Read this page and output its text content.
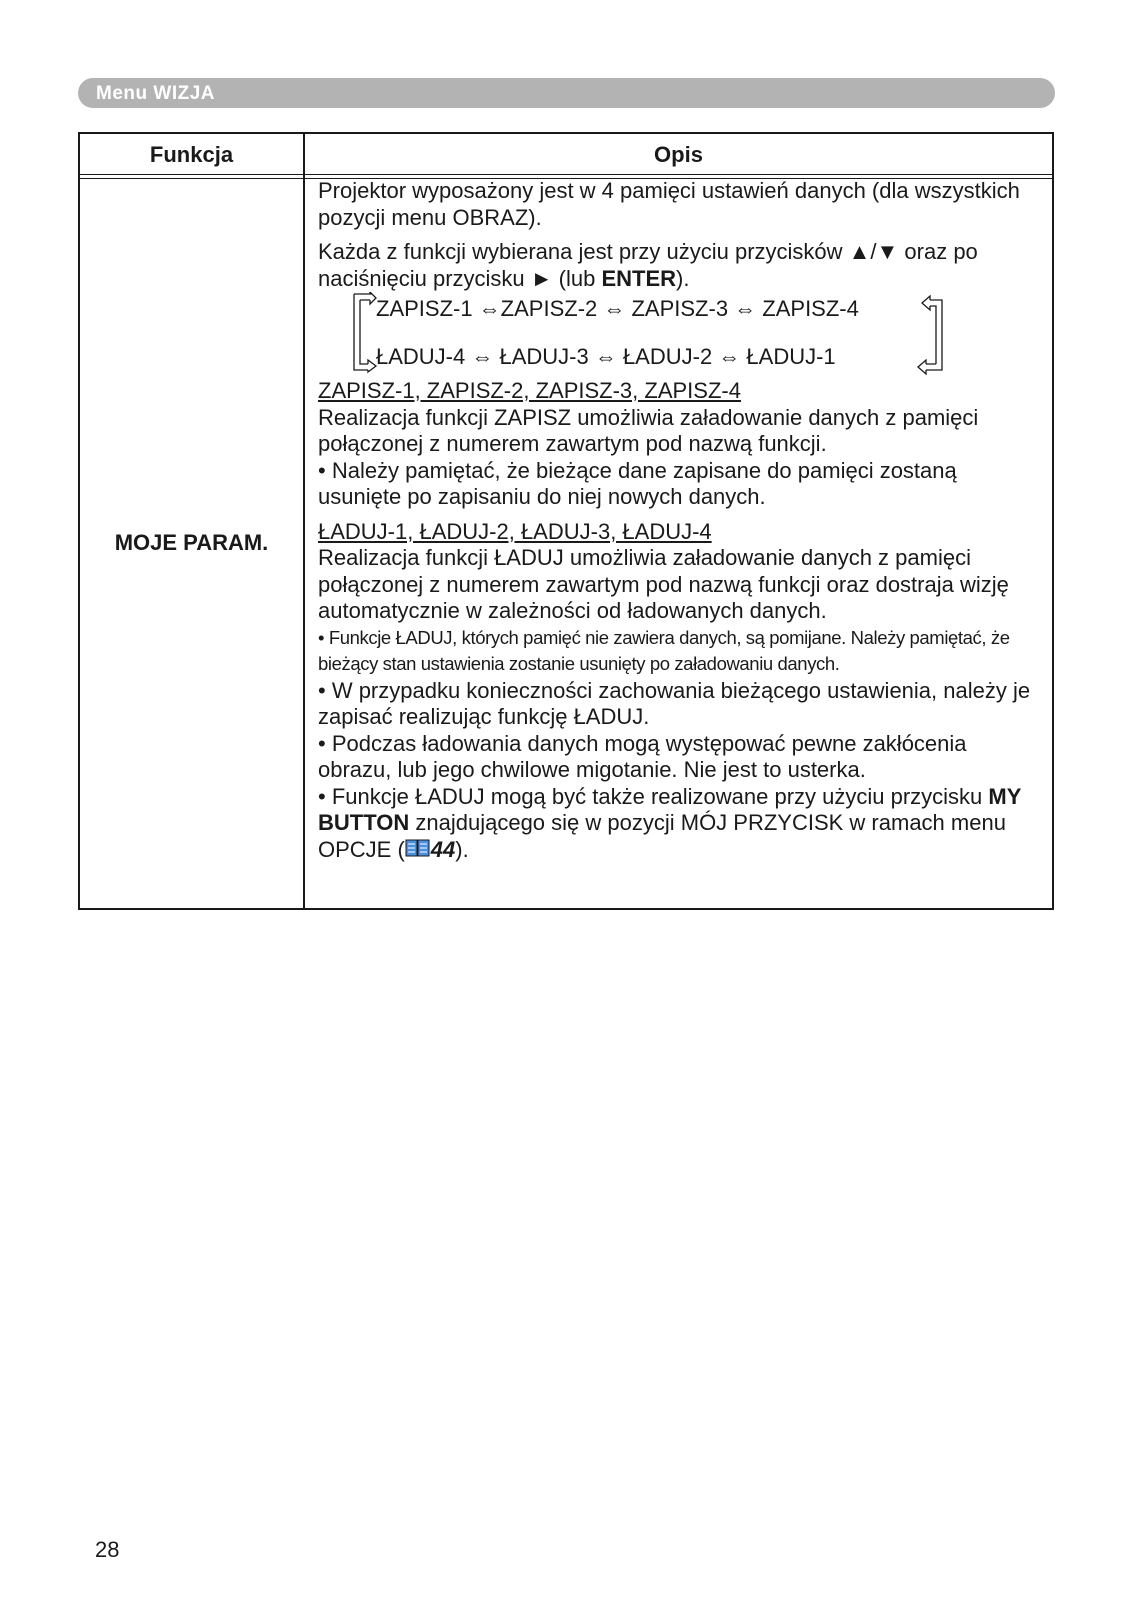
Menu WIZJA
Funkcja	Opis
MOJE PARAM.

Projektor wyposażony jest w 4 pamięci ustawień danych (dla wszystkich pozycji menu OBRAZ).

Każda z funkcji wybierana jest przy użyciu przycisków ▲/▼ oraz po naciśnięciu przycisku ► (lub ENTER).

ZAPISZ-1 ⇔ZAPISZ-2 ⇔ ZAPISZ-3 ⇔ ZAPISZ-4
ŁADUJ-4 ⇔ ŁADUJ-3 ⇔ ŁADUJ-2 ⇔ ŁADUJ-1

ZAPISZ-1, ZAPISZ-2, ZAPISZ-3, ZAPISZ-4

Realizacja funkcji ZAPISZ umożliwia załadowanie danych z pamięci połączonej z numerem zawartym pod nazwą funkcji.

• Należy pamiętać, że bieżące dane zapisane do pamięci zostaną usunięte po zapisaniu do niej nowych danych.

ŁADUJ-1, ŁADUJ-2, ŁADUJ-3, ŁADUJ-4

Realizacja funkcji ŁADUJ umożliwia załadowanie danych z pamięci połączonej z numerem zawartym pod nazwą funkcji oraz dostraja wizję automatycznie w zależności od ładowanych danych.

• Funkcje ŁADUJ, których pamięć nie zawiera danych, są pomijane. Należy pamiętać, że bieżący stan ustawienia zostanie usunięty po załadowaniu danych.

• W przypadku konieczności zachowania bieżącego ustawienia, należy je zapisać realizując funkcję ŁADUJ.

• Podczas ładowania danych mogą występować pewne zakłócenia obrazu, lub jego chwilowe migotanie. Nie jest to usterka.

• Funkcje ŁADUJ mogą być także realizowane przy użyciu przycisku MY BUTTON znajdującego się w pozycji MÓJ PRZYCISK w ramach menu OPCJE ( 44).

28
